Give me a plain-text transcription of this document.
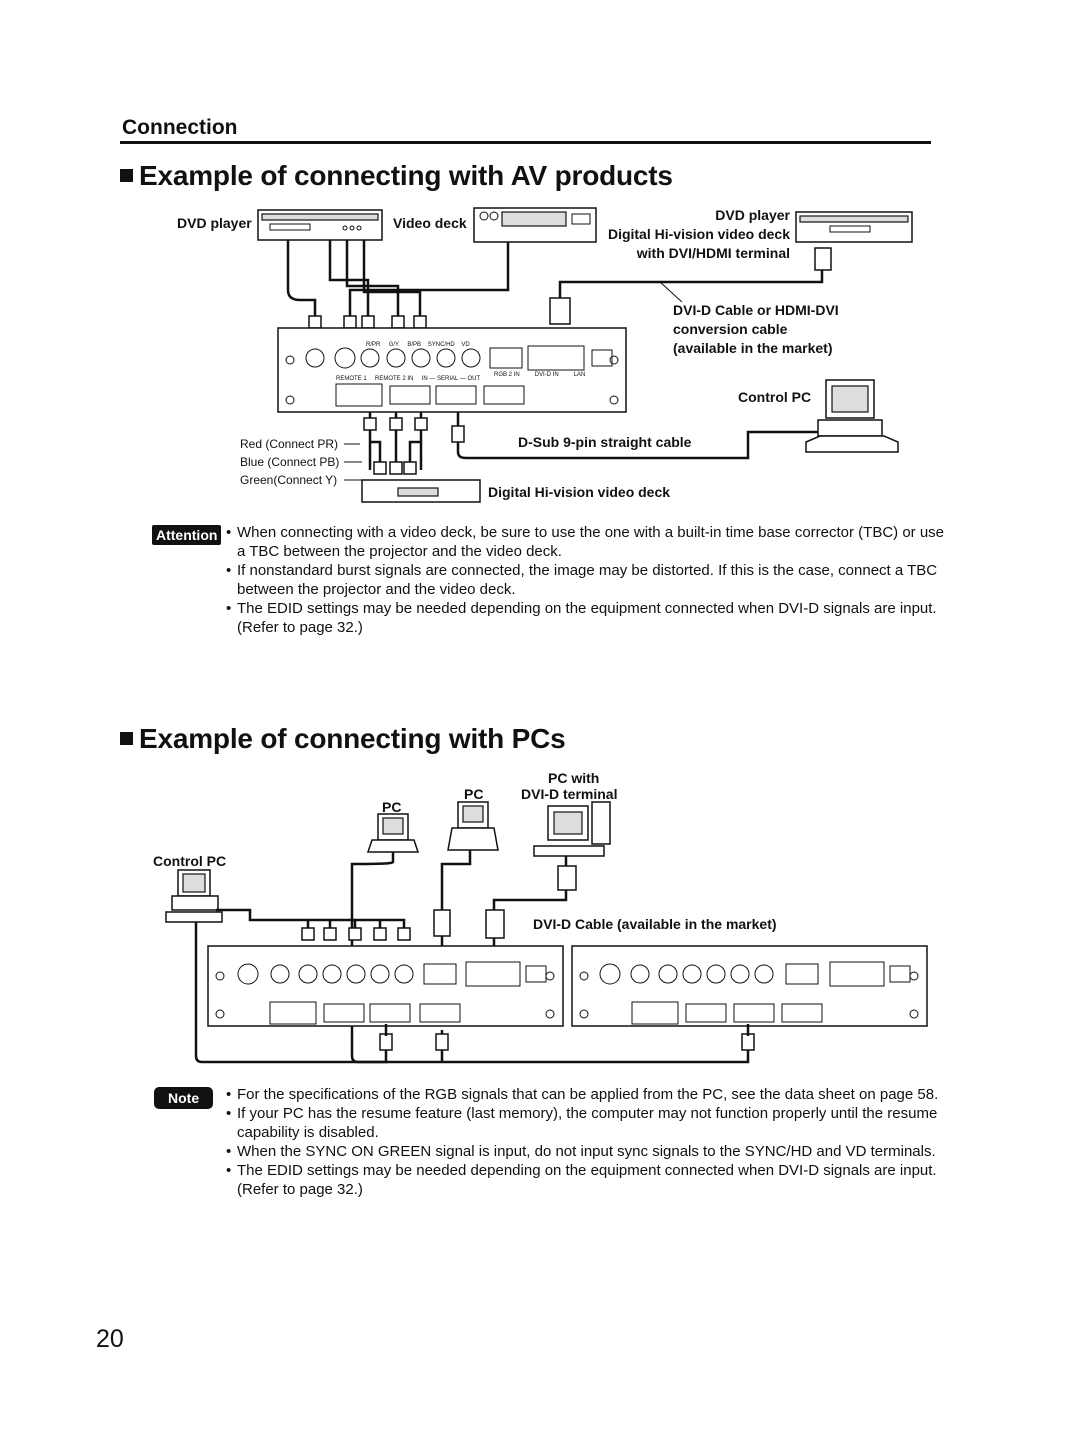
Connection
Example of connecting with AV products
R/PR G/Y B/PB SYNC/HD VD
REMOTE 1 REMOTE 2 IN IN — SERIAL — OUT
RGB 2 IN	DVI-D IN	LAN
DVD player	Video deck	DVD player
Digital Hi-vision video deck
with DVI/HDMI terminal
DVI-D Cable or HDMI-DVI
conversion cable
(available in the market)
Control PC
D-Sub 9-pin straight cable
Red (Connect PR)
Blue (Connect PB)
Green(Connect Y)
Digital Hi-vision video deck
Attention	• When connecting with a video deck, be sure to use the one with a built-in time base corrector (TBC) or use a TBC between the projector and the video deck.
• If nonstandard burst signals are connected, the image may be distorted. If this is the case, connect a TBC between the projector and the video deck.
• The EDID settings may be needed depending on the equipment connected when DVI-D signals are input. (Refer to page 32.)
Example of connecting with PCs
PC with
PC	DVI-D terminal
PC
Control PC
DVI-D Cable (available in the market)
Note	• For the specifications of the RGB signals that can be applied from the PC, see the data sheet on page 58.
• If your PC has the resume feature (last memory), the computer may not function properly until the resume capability is disabled.
• When the SYNC ON GREEN signal is input, do not input sync signals to the SYNC/HD and VD terminals.
• The EDID settings may be needed depending on the equipment connected when DVI-D signals are input. (Refer to page 32.)
20
